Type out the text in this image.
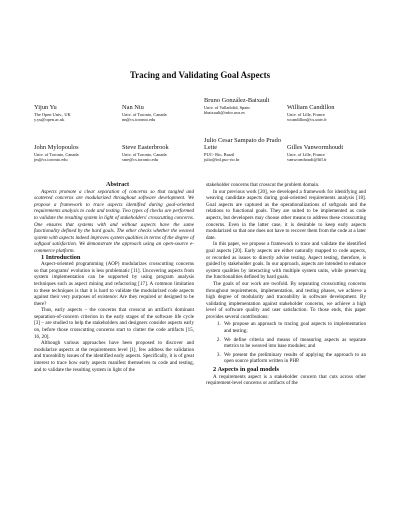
Tracing and Validating Goal Aspects
Yijun Yu
The Open Univ., UK
y.yu@open.ac.uk
Nan Niu
Univ. of Toronto, Canada
nn@cs.toronto.edu
Bruno González-Baixauli
Univ. of Valladolid, Spain
bbaixauli@infor.uva.es
William Candillon
Univ. of Lille, France
wcandillon@cs.univ.fr
John Mylopoulos
Univ. of Toronto, Canada
jm@cs.toronto.edu
Steve Easterbrook
Univ. of Toronto, Canada
sme@cs.toronto.edu
Julio Cesar Sampaio do Prado Leite
PUC- Rio, Brazil
julio@inf.puc-rio.br
Gilles Vanwormhoudt
Univ. of Lille, France
vanwormhoudt@lifl.fr

Abstract

Aspects promote a clear separation of concerns so that tangled and scattered concerns are modularized throughout software development. We propose a framework to trace aspects identified during goal-oriented requirements analysis to code and testing. Two types of checks are performed to validate the resulting system in light of stakeholders' crosscutting concerns. One ensures that systems with and without aspects have the same functionality defined by the hard goals. The other checks whether the weaved system with aspects indeed improves system qualities in terms of the degree of softgoal satisfaction. We demonstrate the approach using an open-source e-commerce platform.

1 Introduction

Aspect-oriented programming (AOP) modularizes crosscutting concerns so that programs' evolution is less problematic [11]. Uncovering aspects from system implementation can be supported by using program analysis techniques such as aspect mining and refactoring [17]. A common limitation to these techniques is that it is hard to validate the modularized code aspects against their very purposes of existence: Are they required or designed to be there?

Thus, early aspects – the concerns that crosscut an artifact's dominant separation-of-concern criterion in the early stages of the software life cycle [3] – are studied to help the stakeholders and designers consider aspects early on, before those crosscutting concerns start to clutter the code artifacts [15, 16, 20].

Although various approaches have been proposed to discover and modularize aspects at the requirements level [1], few address the validation and traceability issues of the identified early aspects. Specifically, it is of great interest to trace how early aspects manifest themselves to code and testing, and to validate the resulting system in light of the

stakeholder concerns that crosscut the problem domain.

In our previous work [20], we developed a framework for identifying and weaving candidate aspects during goal-oriented requirements analysis [18]. Goal aspects are captured as the operationalizations of softgoals and the relations to functional goals. They are suited to be implemented as code aspects, but developers may choose other means to address these crosscutting concerns. Even in the latter case, it is desirable to keep early aspects modularized so that one does not have to recover them from the code at a later date.

In this paper, we propose a framework to trace and validate the identified goal aspects [20]. Early aspects are either naturally mapped to code aspects, or recorded as issues to directly advise testing. Aspect testing, therefore, is guided by stakeholder goals. In our approach, aspects are intended to enhance system qualities by interacting with multiple system units, while preserving the functionalities defined by hard goals.

The goals of our work are twofold. By separating crosscutting concerns throughout requirements, implementation, and testing phases, we achieve a high degree of modularity and traceability in software development. By validating implementation against stakeholder concerns, we achieve a high level of software quality and user satisfaction. To those ends, this paper provides several contributions:

1. We propose an approach to tracing goal aspects to implementation and testing;
2. We define criteria and means of measuring aspects as separate metrics to be weaved into base modules; and
3. We present the preliminary results of applying the approach to an open source platform written in PHP.

2 Aspects in goal models

A requirements aspect is a stakeholder concern that cuts across other requirement-level concerns or artifacts of the
